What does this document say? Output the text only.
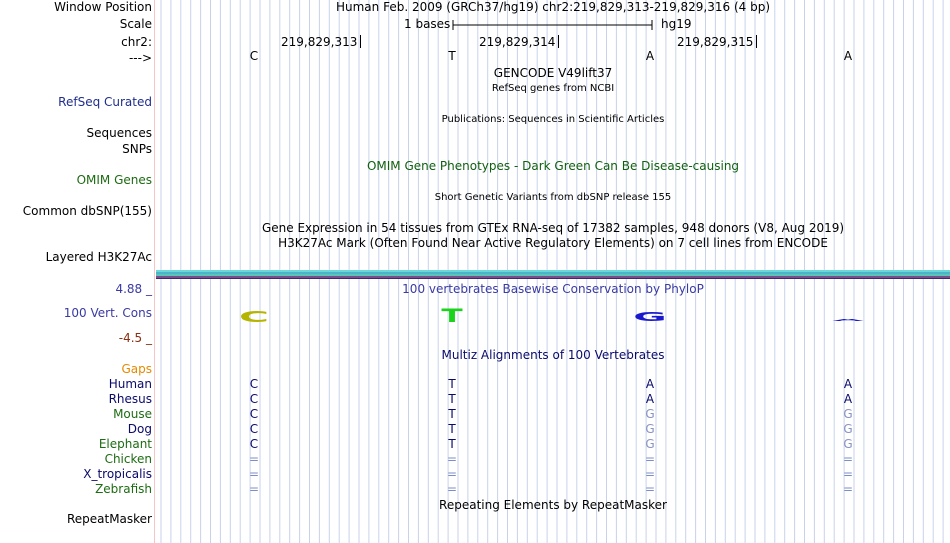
Window Position	Human Feb. 2009 (GRCh37/hg19) chr2:219,829,313-219,829,316 (4 bp)
Scale	1 bases	hg19
chr2:	219,829,313	219,829,314	219,829,315
--->	C	T	A	A
GENCODE V49lift37
RefSeq genes from NCBI
RefSeq Curated
Publications: Sequences in Scientific Articles
Sequences
SNPs
OMIM Gene Phenotypes - Dark Green Can Be Disease-causing
OMIM Genes
Short Genetic Variants from dbSNP release 155
Common dbSNP(155)
Gene Expression in 54 tissues from GTEx RNA-seq of 17382 samples, 948 donors (V8, Aug 2019)
H3K27Ac Mark (Often Found Near Active Regulatory Elements) on 7 cell lines from ENCODE
Layered H3K27Ac
100 vertebrates Basewise Conservation by PhyloP
4.88 _
100 Vert. Cons
-4.5 _
C	T	G	A
Multiz Alignments of 100 Vertebrates
Gaps
Human	C	T	A	A
Rhesus	C	T	A	A
Mouse	C	T	G	G
Dog	C	T	G	G
Elephant	C	T	G	G
Chicken	=	=	=	=
X_tropicalis	=	=	=	=
Zebrafish	=	=	=	=
Repeating Elements by RepeatMasker
RepeatMasker
